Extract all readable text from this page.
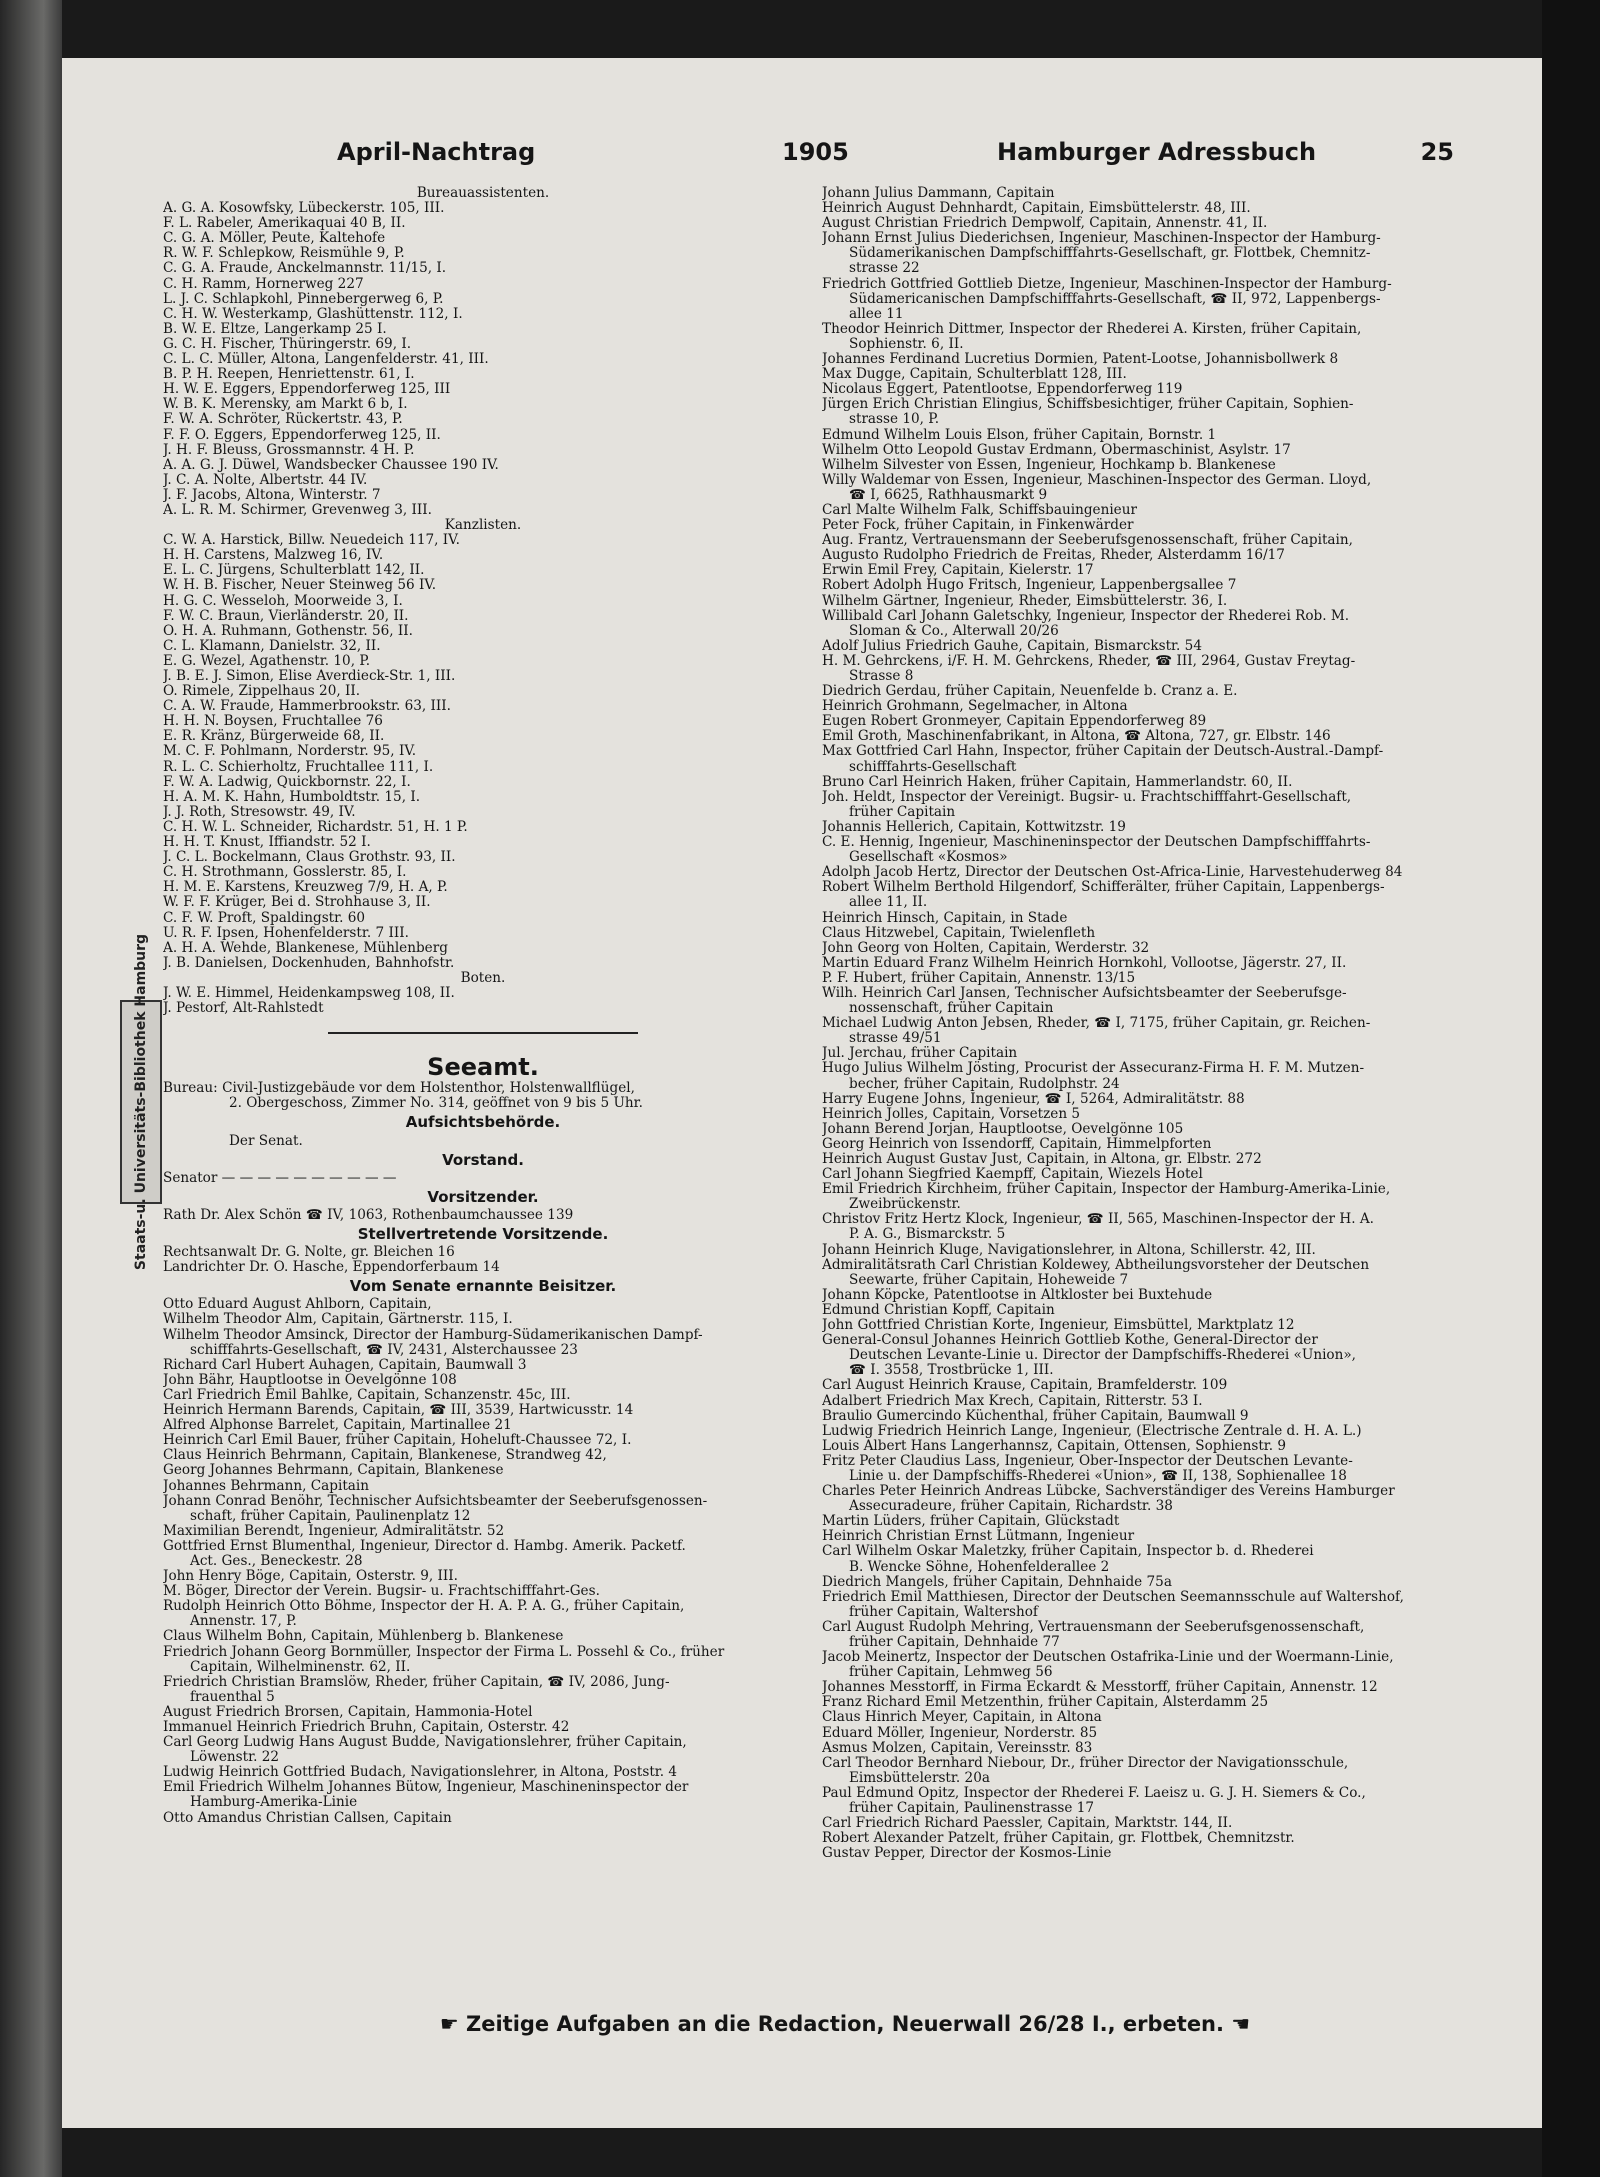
April-Nachtrag	1905	Hamburger Adressbuch	25
Staats-u. Universitäts-Bibliothek Hamburg
Bureauassistenten.
A. G. A. Kosowfsky, Lübeckerstr. 105, III.
F. L. Rabeler, Amerikaquai 40 B, II.
C. G. A. Möller, Peute, Kaltehofe
R. W. F. Schlepkow, Reismühle 9, P.
C. G. A. Fraude, Anckelmannstr. 11/15, I.
C. H. Ramm, Hornerweg 227
L. J. C. Schlapkohl, Pinnebergerweg 6, P.
C. H. W. Westerkamp, Glashüttenstr. 112, I.
B. W. E. Eltze, Langerkamp 25 I.
G. C. H. Fischer, Thüringerstr. 69, I.
C. L. C. Müller, Altona, Langenfelderstr. 41, III.
B. P. H. Reepen, Henriettenstr. 61, I.
H. W. E. Eggers, Eppendorferweg 125, III
W. B. K. Merensky, am Markt 6 b, I.
F. W. A. Schröter, Rückertstr. 43, P.
F. F. O. Eggers, Eppendorferweg 125, II.
J. H. F. Bleuss, Grossmannstr. 4 H. P.
A. A. G. J. Düwel, Wandsbecker Chaussee 190 IV.
J. C. A. Nolte, Albertstr. 44 IV.
J. F. Jacobs, Altona, Winterstr. 7
A. L. R. M. Schirmer, Grevenweg 3, III.
Kanzlisten.
C. W. A. Harstick, Billw. Neuedeich 117, IV.
H. H. Carstens, Malzweg 16, IV.
E. L. C. Jürgens, Schulterblatt 142, II.
W. H. B. Fischer, Neuer Steinweg 56 IV.
H. G. C. Wesseloh, Moorweide 3, I.
F. W. C. Braun, Vierländerstr. 20, II.
O. H. A. Ruhmann, Gothenstr. 56, II.
C. L. Klamann, Danielstr. 32, II.
E. G. Wezel, Agathenstr. 10, P.
J. B. E. J. Simon, Elise Averdieck-Str. 1, III.
O. Rimele, Zippelhaus 20, II.
C. A. W. Fraude, Hammerbrookstr. 63, III.
H. H. N. Boysen, Fruchtallee 76
E. R. Kränz, Bürgerweide 68, II.
M. C. F. Pohlmann, Norderstr. 95, IV.
R. L. C. Schierholtz, Fruchtallee 111, I.
F. W. A. Ladwig, Quickbornstr. 22, I.
H. A. M. K. Hahn, Humboldtstr. 15, I.
J. J. Roth, Stresowstr. 49, IV.
C. H. W. L. Schneider, Richardstr. 51, H. 1 P.
H. H. T. Knust, Iffiandstr. 52 I.
J. C. L. Bockelmann, Claus Grothstr. 93, II.
C. H. Strothmann, Gosslerstr. 85, I.
H. M. E. Karstens, Kreuzweg 7/9, H. A, P.
W. F. F. Krüger, Bei d. Strohhause 3, II.
C. F. W. Proft, Spaldingstr. 60
U. R. F. Ipsen, Hohenfelderstr. 7 III.
A. H. A. Wehde, Blankenese, Mühlenberg
J. B. Danielsen, Dockenhuden, Bahnhofstr.
Boten.
J. W. E. Himmel, Heidenkampsweg 108, II.
J. Pestorf, Alt-Rahlstedt
Seeamt.
Bureau: Civil-Justizgebäude vor dem Holstenthor, Holstenwallflügel,
2. Obergeschoss, Zimmer No. 314, geöffnet von 9 bis 5 Uhr.
Aufsichtsbehörde.
Der Senat.
Vorstand.
Senator — — — — — — — — — —
Vorsitzender.
Rath Dr. Alex Schön ☎ IV, 1063, Rothenbaumchaussee 139
Stellvertretende Vorsitzende.
Rechtsanwalt Dr. G. Nolte, gr. Bleichen 16
Landrichter Dr. O. Hasche, Eppendorferbaum 14
Vom Senate ernannte Beisitzer.
Otto Eduard August Ahlborn, Capitain,
Wilhelm Theodor Alm, Capitain, Gärtnerstr. 115, I.
Wilhelm Theodor Amsinck, Director der Hamburg-Südamerikanischen Dampf-
schifffahrts-Gesellschaft, ☎ IV, 2431, Alsterchaussee 23
Richard Carl Hubert Auhagen, Capitain, Baumwall 3
John Bähr, Hauptlootse in Oevelgönne 108
Carl Friedrich Emil Bahlke, Capitain, Schanzenstr. 45c, III.
Heinrich Hermann Barends, Capitain, ☎ III, 3539, Hartwicusstr. 14
Alfred Alphonse Barrelet, Capitain, Martinallee 21
Heinrich Carl Emil Bauer, früher Capitain, Hoheluft-Chaussee 72, I.
Claus Heinrich Behrmann, Capitain, Blankenese, Strandweg 42,
Georg Johannes Behrmann, Capitain, Blankenese
Johannes Behrmann, Capitain
Johann Conrad Benöhr, Technischer Aufsichtsbeamter der Seeberufsgenossen-
schaft, früher Capitain, Paulinenplatz 12
Maximilian Berendt, Ingenieur, Admiralitätstr. 52
Gottfried Ernst Blumenthal, Ingenieur, Director d. Hambg. Amerik. Packetf.
Act. Ges., Beneckestr. 28
John Henry Böge, Capitain, Osterstr. 9, III.
M. Böger, Director der Verein. Bugsir- u. Frachtschifffahrt-Ges.
Rudolph Heinrich Otto Böhme, Inspector der H. A. P. A. G., früher Capitain,
Annenstr. 17, P.
Claus Wilhelm Bohn, Capitain, Mühlenberg b. Blankenese
Friedrich Johann Georg Bornmüller, Inspector der Firma L. Possehl & Co., früher
Capitain, Wilhelminenstr. 62, II.
Friedrich Christian Bramslöw, Rheder, früher Capitain, ☎ IV, 2086, Jung-
frauenthal 5
August Friedrich Brorsen, Capitain, Hammonia-Hotel
Immanuel Heinrich Friedrich Bruhn, Capitain, Osterstr. 42
Carl Georg Ludwig Hans August Budde, Navigationslehrer, früher Capitain,
Löwenstr. 22
Ludwig Heinrich Gottfried Budach, Navigationslehrer, in Altona, Poststr. 4
Emil Friedrich Wilhelm Johannes Bütow, Ingenieur, Maschineninspector der
Hamburg-Amerika-Linie
Otto Amandus Christian Callsen, Capitain
Johann Julius Dammann, Capitain
Heinrich August Dehnhardt, Capitain, Eimsbüttelerstr. 48, III.
August Christian Friedrich Dempwolf, Capitain, Annenstr. 41, II.
Johann Ernst Julius Diederichsen, Ingenieur, Maschinen-Inspector der Hamburg-
Südamerikanischen Dampfschifffahrts-Gesellschaft, gr. Flottbek, Chemnitz-
strasse 22
Friedrich Gottfried Gottlieb Dietze, Ingenieur, Maschinen-Inspector der Hamburg-
Südamericanischen Dampfschifffahrts-Gesellschaft, ☎ II, 972, Lappenbergs-
allee 11
Theodor Heinrich Dittmer, Inspector der Rhederei A. Kirsten, früher Capitain,
Sophienstr. 6, II.
Johannes Ferdinand Lucretius Dormien, Patent-Lootse, Johannisbollwerk 8
Max Dugge, Capitain, Schulterblatt 128, III.
Nicolaus Eggert, Patentlootse, Eppendorferweg 119
Jürgen Erich Christian Elingius, Schiffsbesichtiger, früher Capitain, Sophien-
strasse 10, P.
Edmund Wilhelm Louis Elson, früher Capitain, Bornstr. 1
Wilhelm Otto Leopold Gustav Erdmann, Obermaschinist, Asylstr. 17
Wilhelm Silvester von Essen, Ingenieur, Hochkamp b. Blankenese
Willy Waldemar von Essen, Ingenieur, Maschinen-Inspector des German. Lloyd,
☎ I, 6625, Rathhausmarkt 9
Carl Malte Wilhelm Falk, Schiffsbauingenieur
Peter Fock, früher Capitain, in Finkenwärder
Aug. Frantz, Vertrauensmann der Seeberufsgenossenschaft, früher Capitain,
Augusto Rudolpho Friedrich de Freitas, Rheder, Alsterdamm 16/17
Erwin Emil Frey, Capitain, Kielerstr. 17
Robert Adolph Hugo Fritsch, Ingenieur, Lappenbergsallee 7
Wilhelm Gärtner, Ingenieur, Rheder, Eimsbüttelerstr. 36, I.
Willibald Carl Johann Galetschky, Ingenieur, Inspector der Rhederei Rob. M.
Sloman & Co., Alterwall 20/26
Adolf Julius Friedrich Gauhe, Capitain, Bismarckstr. 54
H. M. Gehrckens, i/F. H. M. Gehrckens, Rheder, ☎ III, 2964, Gustav Freytag-
Strasse 8
Diedrich Gerdau, früher Capitain, Neuenfelde b. Cranz a. E.
Heinrich Grohmann, Segelmacher, in Altona
Eugen Robert Gronmeyer, Capitain Eppendorferweg 89
Emil Groth, Maschinenfabrikant, in Altona, ☎ Altona, 727, gr. Elbstr. 146
Max Gottfried Carl Hahn, Inspector, früher Capitain der Deutsch-Austral.-Dampf-
schifffahrts-Gesellschaft
Bruno Carl Heinrich Haken, früher Capitain, Hammerlandstr. 60, II.
Joh. Heldt, Inspector der Vereinigt. Bugsir- u. Frachtschifffahrt-Gesellschaft,
früher Capitain
Johannis Hellerich, Capitain, Kottwitzstr. 19
C. E. Hennig, Ingenieur, Maschineninspector der Deutschen Dampfschifffahrts-
Gesellschaft «Kosmos»
Adolph Jacob Hertz, Director der Deutschen Ost-Africa-Linie, Harvestehuderweg 84
Robert Wilhelm Berthold Hilgendorf, Schifferälter, früher Capitain, Lappenbergs-
allee 11, II.
Heinrich Hinsch, Capitain, in Stade
Claus Hitzwebel, Capitain, Twielenfleth
John Georg von Holten, Capitain, Werderstr. 32
Martin Eduard Franz Wilhelm Heinrich Hornkohl, Vollootse, Jägerstr. 27, II.
P. F. Hubert, früher Capitain, Annenstr. 13/15
Wilh. Heinrich Carl Jansen, Technischer Aufsichtsbeamter der Seeberufsge-
nossenschaft, früher Capitain
Michael Ludwig Anton Jebsen, Rheder, ☎ I, 7175, früher Capitain, gr. Reichen-
strasse 49/51
Jul. Jerchau, früher Capitain
Hugo Julius Wilhelm Jösting, Procurist der Assecuranz-Firma H. F. M. Mutzen-
becher, früher Capitain, Rudolphstr. 24
Harry Eugene Johns, Ingenieur, ☎ I, 5264, Admiralitätstr. 88
Heinrich Jolles, Capitain, Vorsetzen 5
Johann Berend Jorjan, Hauptlootse, Oevelgönne 105
Georg Heinrich von Issendorff, Capitain, Himmelpforten
Heinrich August Gustav Just, Capitain, in Altona, gr. Elbstr. 272
Carl Johann Siegfried Kaempff, Capitain, Wiezels Hotel
Emil Friedrich Kirchheim, früher Capitain, Inspector der Hamburg-Amerika-Linie,
Zweibrückenstr.
Christov Fritz Hertz Klock, Ingenieur, ☎ II, 565, Maschinen-Inspector der H. A.
P. A. G., Bismarckstr. 5
Johann Heinrich Kluge, Navigationslehrer, in Altona, Schillerstr. 42, III.
Admiralitätsrath Carl Christian Koldewey, Abtheilungsvorsteher der Deutschen
Seewarte, früher Capitain, Hoheweide 7
Johann Köpcke, Patentlootse in Altkloster bei Buxtehude
Edmund Christian Kopff, Capitain
John Gottfried Christian Korte, Ingenieur, Eimsbüttel, Marktplatz 12
General-Consul Johannes Heinrich Gottlieb Kothe, General-Director der
Deutschen Levante-Linie u. Director der Dampfschiffs-Rhederei «Union»,
☎ I. 3558, Trostbrücke 1, III.
Carl August Heinrich Krause, Capitain, Bramfelderstr. 109
Adalbert Friedrich Max Krech, Capitain, Ritterstr. 53 I.
Braulio Gumercindo Küchenthal, früher Capitain, Baumwall 9
Ludwig Friedrich Heinrich Lange, Ingenieur, (Electrische Zentrale d. H. A. L.)
Louis Albert Hans Langerhannsz, Capitain, Ottensen, Sophienstr. 9
Fritz Peter Claudius Lass, Ingenieur, Ober-Inspector der Deutschen Levante-
Linie u. der Dampfschiffs-Rhederei «Union», ☎ II, 138, Sophienallee 18
Charles Peter Heinrich Andreas Lübcke, Sachverständiger des Vereins Hamburger
Assecuradeure, früher Capitain, Richardstr. 38
Martin Lüders, früher Capitain, Glückstadt
Heinrich Christian Ernst Lütmann, Ingenieur
Carl Wilhelm Oskar Maletzky, früher Capitain, Inspector b. d. Rhederei
B. Wencke Söhne, Hohenfelderallee 2
Diedrich Mangels, früher Capitain, Dehnhaide 75a
Friedrich Emil Matthiesen, Director der Deutschen Seemannsschule auf Waltershof,
früher Capitain, Waltershof
Carl August Rudolph Mehring, Vertrauensmann der Seeberufsgenossenschaft,
früher Capitain, Dehnhaide 77
Jacob Meinertz, Inspector der Deutschen Ostafrika-Linie und der Woermann-Linie,
früher Capitain, Lehmweg 56
Johannes Messtorff, in Firma Eckardt & Messtorff, früher Capitain, Annenstr. 12
Franz Richard Emil Metzenthin, früher Capitain, Alsterdamm 25
Claus Hinrich Meyer, Capitain, in Altona
Eduard Möller, Ingenieur, Norderstr. 85
Asmus Molzen, Capitain, Vereinsstr. 83
Carl Theodor Bernhard Niebour, Dr., früher Director der Navigationsschule,
Eimsbüttelerstr. 20a
Paul Edmund Opitz, Inspector der Rhederei F. Laeisz u. G. J. H. Siemers & Co.,
früher Capitain, Paulinenstrasse 17
Carl Friedrich Richard Paessler, Capitain, Marktstr. 144, II.
Robert Alexander Patzelt, früher Capitain, gr. Flottbek, Chemnitzstr.
Gustav Pepper, Director der Kosmos-Linie
☛ Zeitige Aufgaben an die Redaction, Neuerwall 26/28 I., erbeten. ☚
